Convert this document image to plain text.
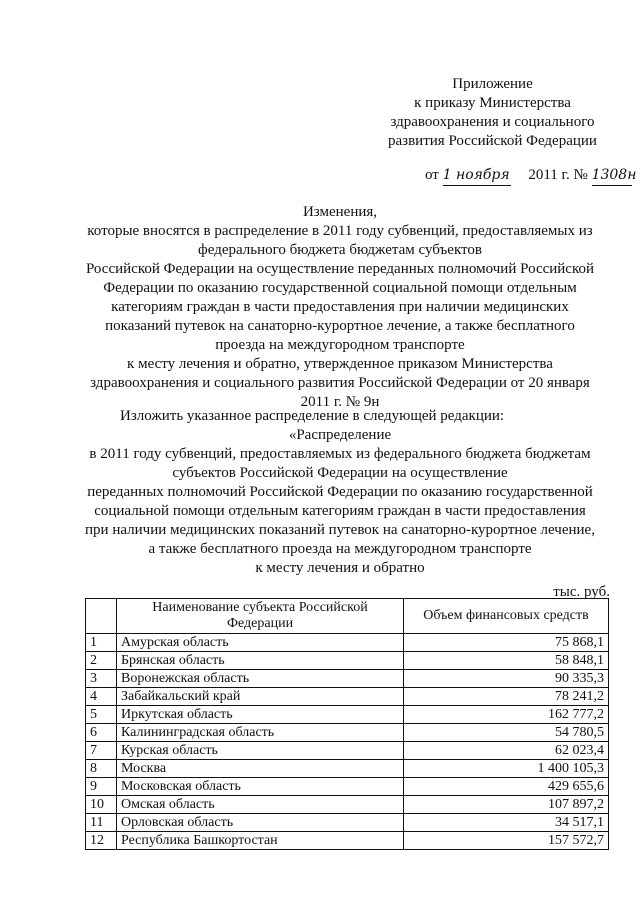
Приложение
к приказу Министерства
здравоохранения и социального
развития Российской Федерации
от 1 ноября 2011 г. № 1308н
Изменения,
которые вносятся в распределение в 2011 году субвенций, предоставляемых из
федерального бюджета бюджетам субъектов
Российской Федерации на осуществление переданных полномочий Российской
Федерации по оказанию государственной социальной помощи отдельным
категориям граждан в части предоставления при наличии медицинских
показаний путевок на санаторно-курортное лечение, а также бесплатного
проезда на междугородном транспорте
к месту лечения и обратно, утвержденное приказом Министерства
здравоохранения и социального развития Российской Федерации от 20 января
2011 г. № 9н
Изложить указанное распределение в следующей редакции:
«Распределение
в 2011 году субвенций, предоставляемых из федерального бюджета бюджетам
субъектов Российской Федерации на осуществление
переданных полномочий Российской Федерации по оказанию государственной
социальной помощи отдельным категориям граждан в части предоставления
при наличии медицинских показаний путевок на санаторно-курортное лечение,
а также бесплатного проезда на междугородном транспорте
к месту лечения и обратно
тыс. руб.
	Наименование субъекта Российской Федерации	Объем финансовых средств
1	Амурская область	75 868,1
2	Брянская область	58 848,1
3	Воронежская область	90 335,3
4	Забайкальский край	78 241,2
5	Иркутская область	162 777,2
6	Калининградская область	54 780,5
7	Курская область	62 023,4
8	Москва	1 400 105,3
9	Московская область	429 655,6
10	Омская область	107 897,2
11	Орловская область	34 517,1
12	Республика Башкортостан	157 572,7
